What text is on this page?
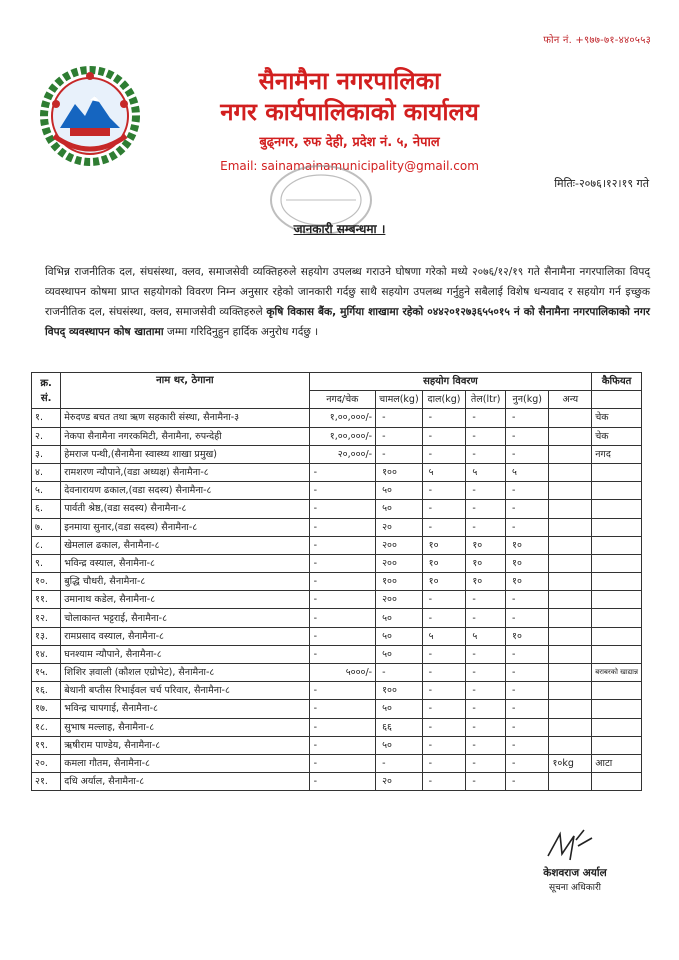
फोन नं. +९७७-७१-४४०५५३
सैनामैना नगरपालिका
नगर कार्यपालिकाको कार्यालय
बुढ्नगर, रुफ देही, प्रदेश नं. ५, नेपाल
Email: sainamainamunicipality@gmail.com
मितिः-२०७६।१२।१९ गते
जानकारी सम्बन्धमा ।
विभिन्न राजनीतिक दल, संघसंस्था, क्लव, समाजसेवी व्यक्तिहरुले सहयोग उपलब्ध गराउने घोषणा गरेको मध्ये २०७६/१२/१९ गते सैनामैना नगरपालिका विपद् व्यवस्थापन कोषमा प्राप्त सहयोगको विवरण निम्न अनुसार रहेको जानकारी गर्दछु साथै सहयोग उपलब्ध गर्नुहुने सबैलाई विशेष धन्यवाद र सहयोग गर्न इच्छुक राजनीतिक दल, संघसंस्था, क्लव, समाजसेवी व्यक्तिहरुले कृषि विकास बैंक, मुर्गिया शाखामा रहेको ०४४२०१२७३६५५०१५ नं को सैनामैना नगरपालिकाको नगर विपद् व्यवस्थापन कोष खातामा जम्मा गरिदिनुहुन हार्दिक अनुरोध गर्दछु ।
क्र.
सं.	नाम थर, ठेगाना	सहयोग विवरण						कैफियत
		नगद/चेक	चामल(kg)	दाल(kg)	तेल(ltr)	नुन(kg)	अन्य	
१.	मेरुदण्ड बचत तथा ऋण सहकारी संस्था, सैनामैना-३	१,००,०००/-	-	-	-	-		चेक
२.	नेकपा सैनामैना नगरकमिटी, सैनामैना, रुपन्देही	१,००,०००/-	-	-	-	-		चेक
३.	हेमराज पन्थी,(सैनामैना स्वास्थ्य शाखा प्रमुख)	२०,०००/-	-	-	-	-		नगद
४.	रामशरण न्यौपाने,(वडा अध्यक्ष) सैनामैना-८	-	१००	५	५	५		
५.	देवनारायण ढकाल,(वडा सदस्य) सैनामैना-८	-	५०	-	-	-		
६.	पार्वती श्रेष्ठ,(वडा सदस्य) सैनामैना-८	-	५०	-	-	-		
७.	इनमाया सुनार,(वडा सदस्य) सैनामैना-८	-	२०	-	-	-		
८.	खेमलाल ढकाल, सैनामैना-८	-	२००	१०	१०	१०		
९.	भविन्द्र वस्याल, सैनामैना-८	-	२००	१०	१०	१०		
१०.	बुद्धि चौधरी, सैनामैना-८	-	१००	१०	१०	१०		
११.	उमानाथ कडेल, सैनामैना-८	-	२००	-	-	-		
१२.	चोलाकान्त भट्टराई, सैनामैना-८	-	५०	-	-	-		
१३.	रामप्रसाद वस्याल, सैनामैना-८	-	५०	५	५	१०		
१४.	घनश्याम न्यौपाने, सैनामैना-८	-	५०	-	-	-		
१५.	शिशिर ज्ञवाली (कौशल एग्रोभेट), सैनामैना-८	५०००/-	-	-	-	-		बराबरको खाद्यान्न
१६.	बेथानी बप्तीस रिभाईवल चर्च परिवार, सैनामैना-८	-	१००	-	-	-		
१७.	भविन्द्र चापगाई, सैनामैना-८	-	५०	-	-	-		
१८.	सुभाष मल्लाह, सैनामैना-८	-	६६	-	-	-		
१९.	ऋषीराम पाण्डेय, सैनामैना-८	-	५०	-	-	-		
२०.	कमला गौतम, सैनामैना-८	-	-	-	-	-	१०kg	आटा
२१.	दधि अर्याल, सैनामैना-८	-	२०	-	-	-		
केशवराज अर्याल
सूचना अधिकारी
